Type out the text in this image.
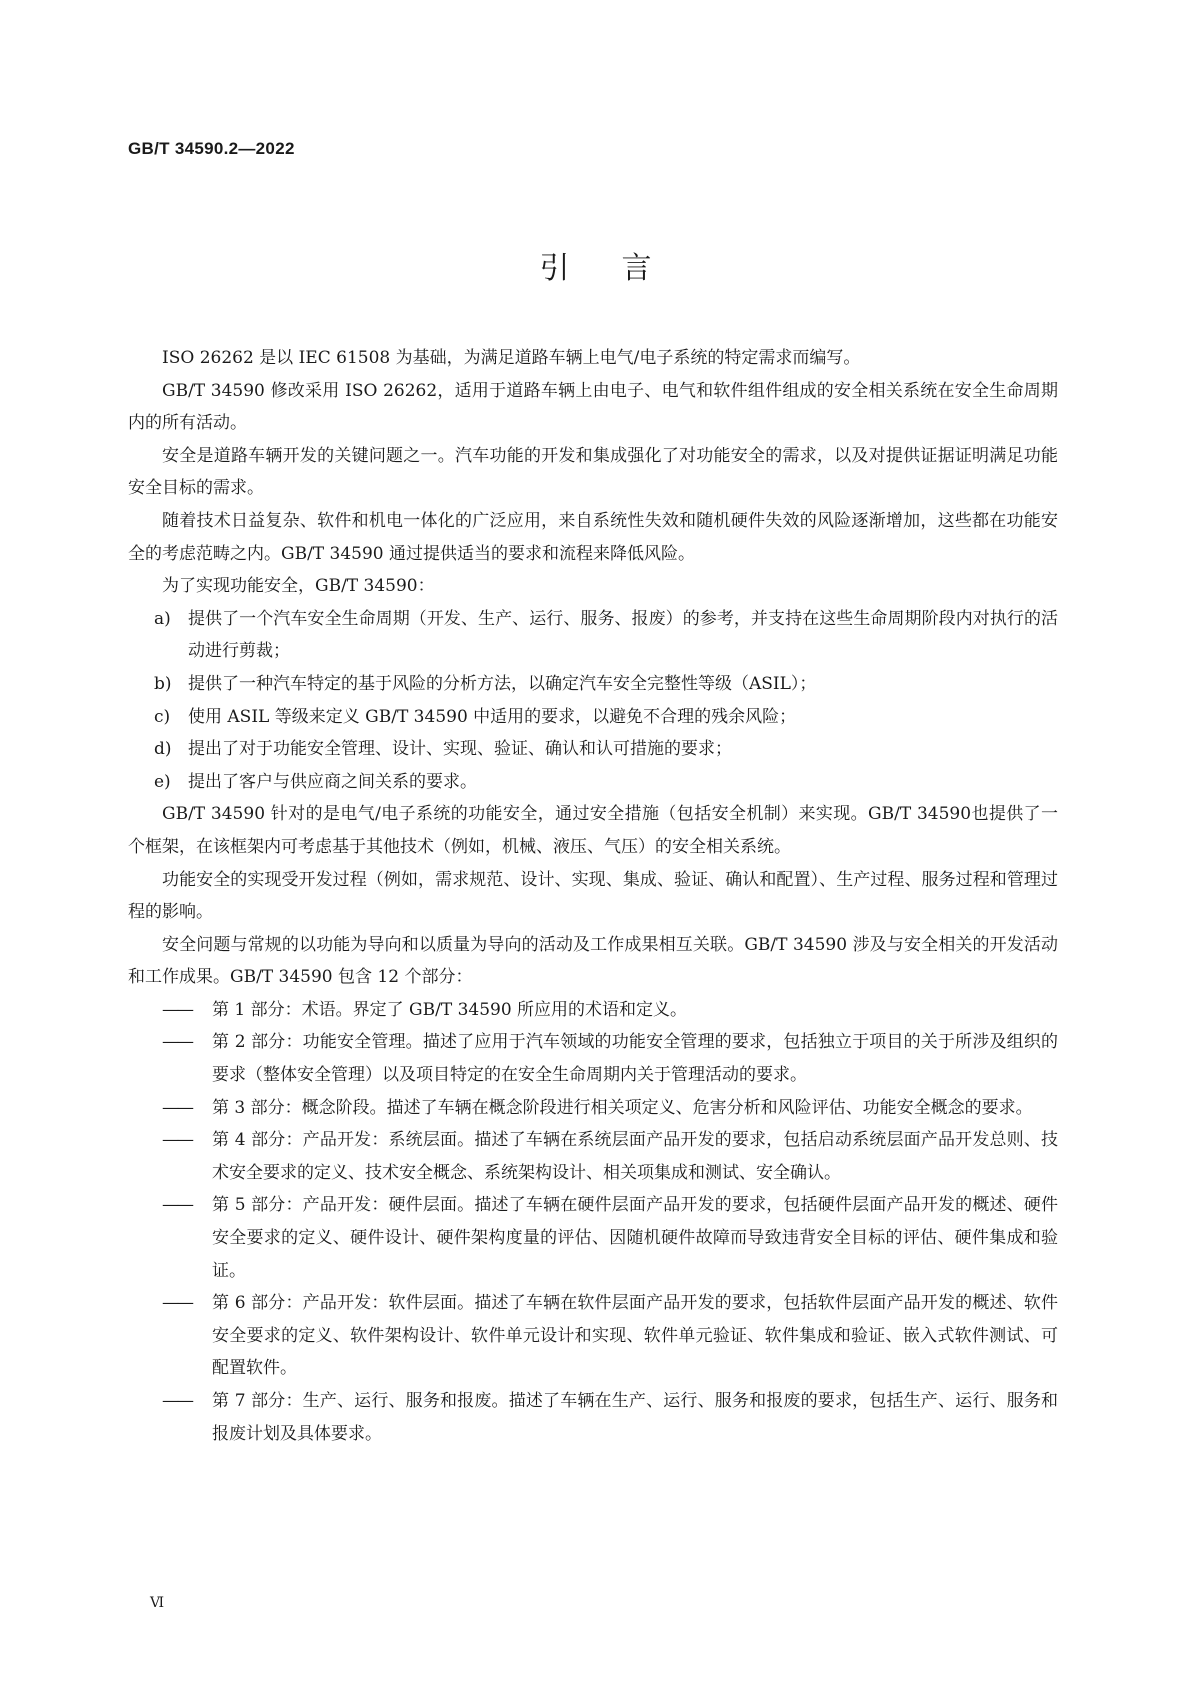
GB/T 34590.2—2022
引言

ISO 26262 是以 IEC 61508 为基础，为满足道路车辆上电气/电子系统的特定需求而编写。

GB/T 34590 修改采用 ISO 26262，适用于道路车辆上由电子、电气和软件组件组成的安全相关系统在安全生命周期内的所有活动。

安全是道路车辆开发的关键问题之一。汽车功能的开发和集成强化了对功能安全的需求，以及对提供证据证明满足功能安全目标的需求。

随着技术日益复杂、软件和机电一体化的广泛应用，来自系统性失效和随机硬件失效的风险逐渐增加，这些都在功能安全的考虑范畴之内。GB/T 34590 通过提供适当的要求和流程来降低风险。

为了实现功能安全，GB/T 34590：

a) 提供了一个汽车安全生命周期（开发、生产、运行、服务、报废）的参考，并支持在这些生命周期阶段内对执行的活动进行剪裁；
b) 提供了一种汽车特定的基于风险的分析方法，以确定汽车安全完整性等级（ASIL）；
c) 使用 ASIL 等级来定义 GB/T 34590 中适用的要求，以避免不合理的残余风险；
d) 提出了对于功能安全管理、设计、实现、验证、确认和认可措施的要求；
e) 提出了客户与供应商之间关系的要求。

GB/T 34590 针对的是电气/电子系统的功能安全，通过安全措施（包括安全机制）来实现。GB/T 34590也提供了一个框架，在该框架内可考虑基于其他技术（例如，机械、液压、气压）的安全相关系统。

功能安全的实现受开发过程（例如，需求规范、设计、实现、集成、验证、确认和配置）、生产过程、服务过程和管理过程的影响。

安全问题与常规的以功能为导向和以质量为导向的活动及工作成果相互关联。GB/T 34590 涉及与安全相关的开发活动和工作成果。GB/T 34590 包含 12 个部分：

—— 第 1 部分：术语。界定了 GB/T 34590 所应用的术语和定义。
—— 第 2 部分：功能安全管理。描述了应用于汽车领域的功能安全管理的要求，包括独立于项目的关于所涉及组织的要求（整体安全管理）以及项目特定的在安全生命周期内关于管理活动的要求。
—— 第 3 部分：概念阶段。描述了车辆在概念阶段进行相关项定义、危害分析和风险评估、功能安全概念的要求。
—— 第 4 部分：产品开发：系统层面。描述了车辆在系统层面产品开发的要求，包括启动系统层面产品开发总则、技术安全要求的定义、技术安全概念、系统架构设计、相关项集成和测试、安全确认。
—— 第 5 部分：产品开发：硬件层面。描述了车辆在硬件层面产品开发的要求，包括硬件层面产品开发的概述、硬件安全要求的定义、硬件设计、硬件架构度量的评估、因随机硬件故障而导致违背安全目标的评估、硬件集成和验证。
—— 第 6 部分：产品开发：软件层面。描述了车辆在软件层面产品开发的要求，包括软件层面产品开发的概述、软件安全要求的定义、软件架构设计、软件单元设计和实现、软件单元验证、软件集成和验证、嵌入式软件测试、可配置软件。
—— 第 7 部分：生产、运行、服务和报废。描述了车辆在生产、运行、服务和报废的要求，包括生产、运行、服务和报废计划及具体要求。
Ⅵ
